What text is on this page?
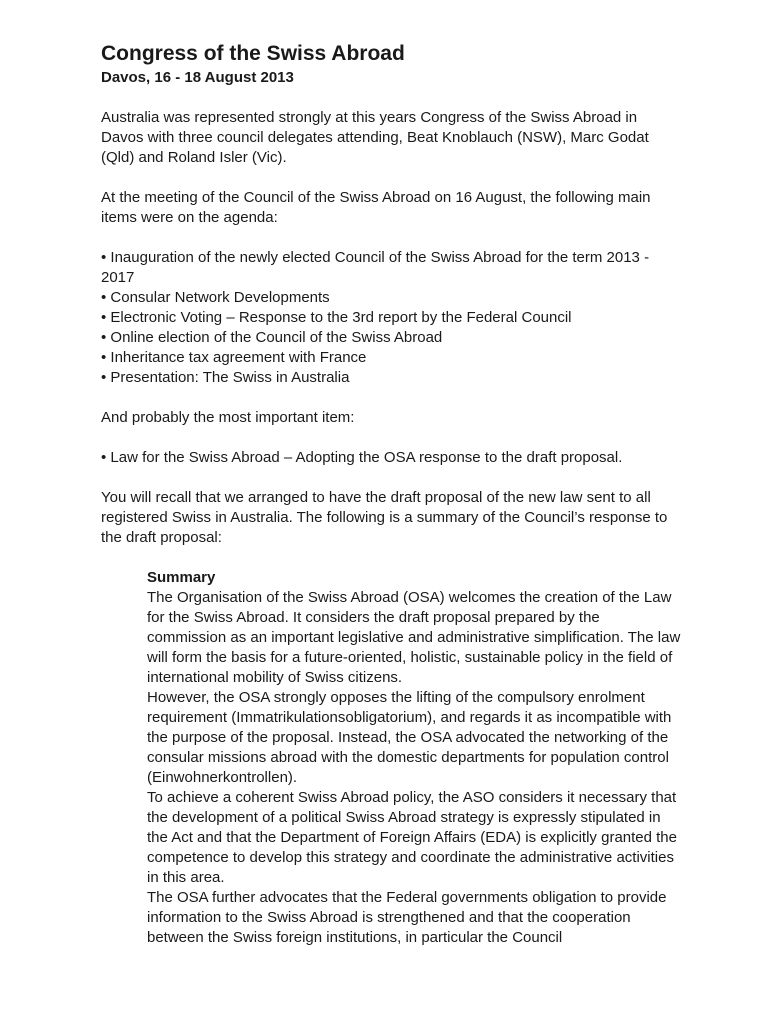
Congress of the Swiss Abroad
Davos, 16 - 18 August 2013

Australia was represented strongly at this years Congress of the Swiss Abroad in Davos with three council delegates attending, Beat Knoblauch (NSW), Marc Godat (Qld) and Roland Isler (Vic).

At the meeting of the Council of the Swiss Abroad on 16 August, the following main items were on the agenda:

• Inauguration of the newly elected Council of the Swiss Abroad for the term 2013 - 2017
• Consular Network Developments
• Electronic Voting – Response to the 3rd report by the Federal Council
• Online election of the Council of the Swiss Abroad
• Inheritance tax agreement with France
• Presentation: The Swiss in Australia

And probably the most important item:

• Law for the Swiss Abroad – Adopting the OSA response to the draft proposal.

You will recall that we arranged to have the draft proposal of the new law sent to all registered Swiss in Australia. The following is a summary of the Council’s response to the draft proposal:

Summary

The Organisation of the Swiss Abroad (OSA) welcomes the creation of the Law for the Swiss Abroad. It considers the draft proposal prepared by the commission as an important legislative and administrative simplification. The law will form the basis for a future-oriented, holistic, sustainable policy in the field of international mobility of Swiss citizens.

However, the OSA strongly opposes the lifting of the compulsory enrolment requirement (Immatrikulationsobligatorium), and regards it as incompatible with the purpose of the proposal. Instead, the OSA advocated the networking of the consular missions abroad with the domestic departments for population control (Einwohnerkontrollen).

To achieve a coherent Swiss Abroad policy, the ASO considers it necessary that the development of a political Swiss Abroad strategy is expressly stipulated in the Act and that the Department of Foreign Affairs (EDA) is explicitly granted the competence to develop this strategy and coordinate the administrative activities in this area.

The OSA further advocates that the Federal governments obligation to provide information to the Swiss Abroad is strengthened and that the cooperation between the Swiss foreign institutions, in particular the Council
